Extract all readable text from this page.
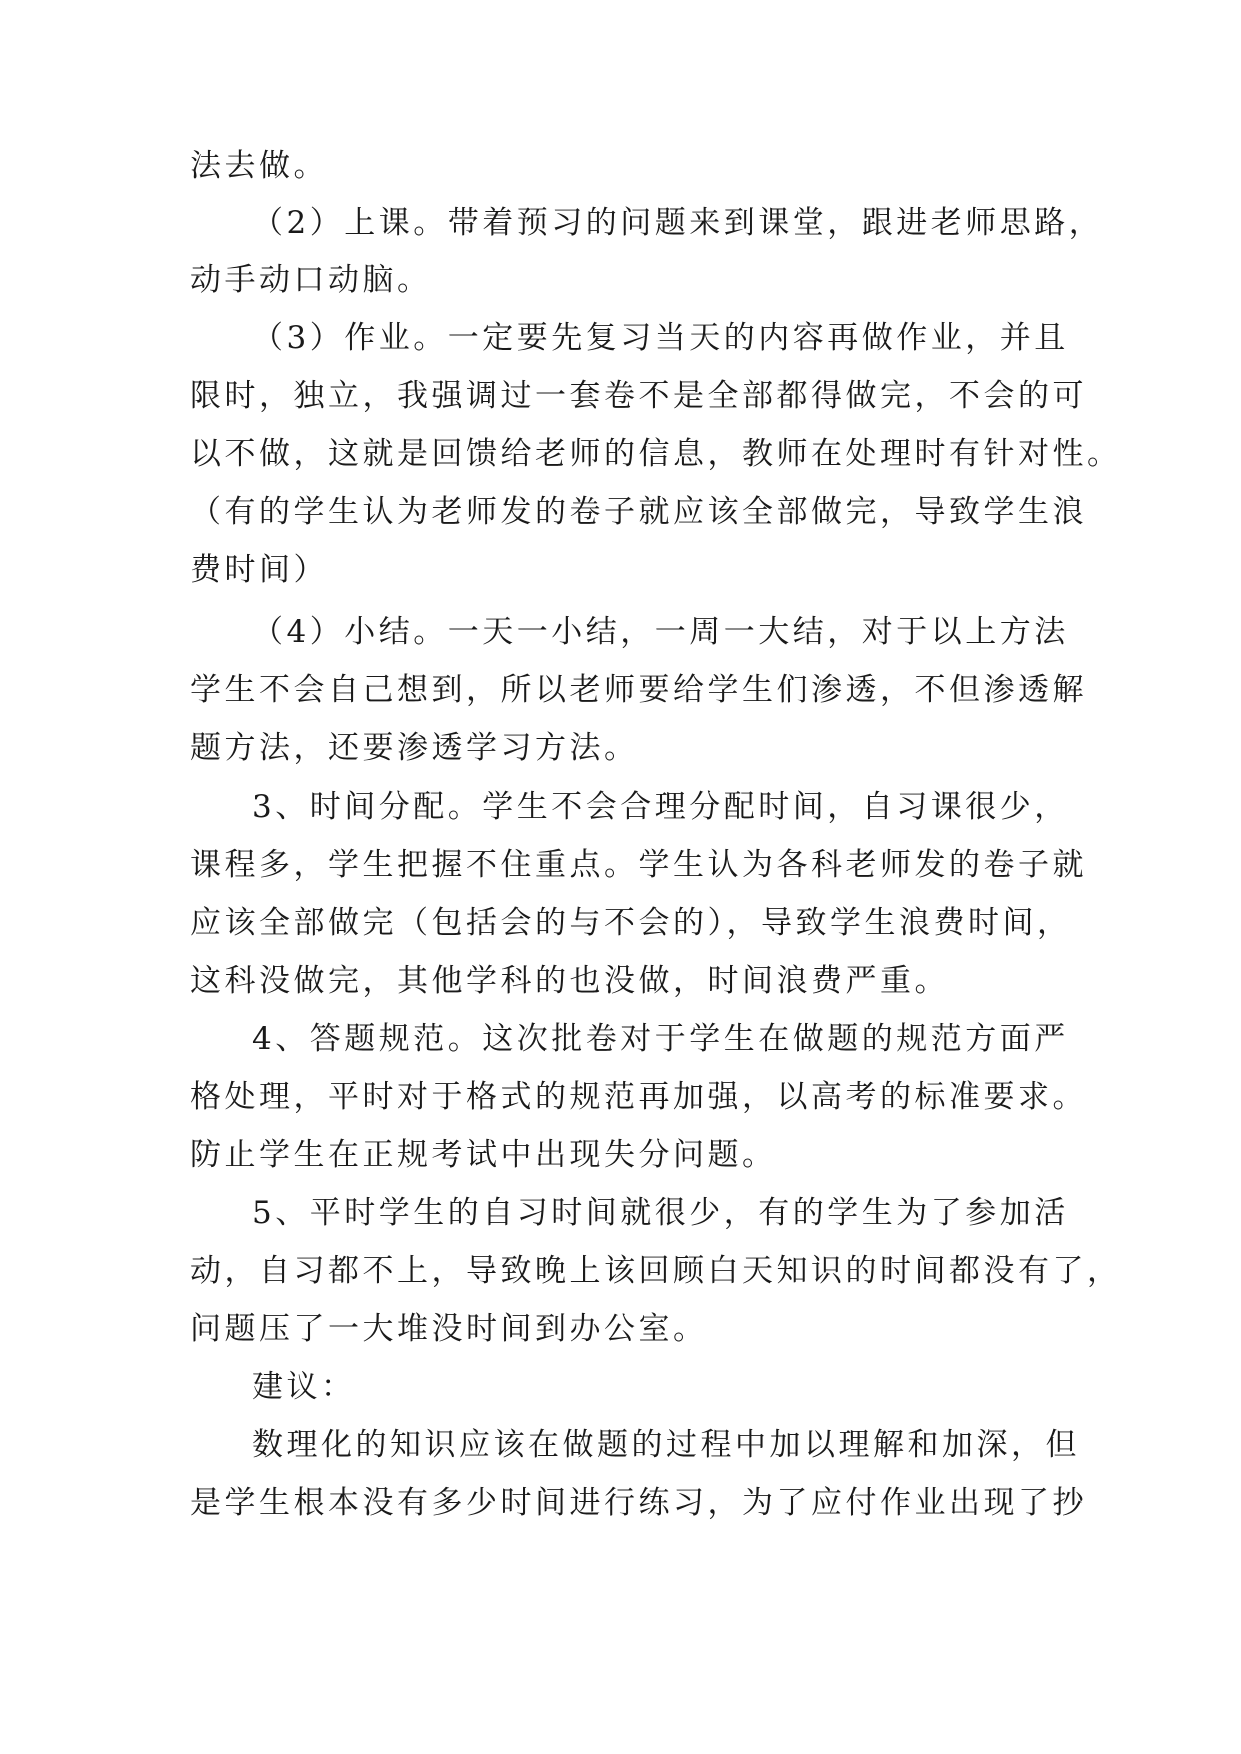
法去做。
（2）上课。带着预习的问题来到课堂，跟进老师思路，
动手动口动脑。
（3）作业。一定要先复习当天的内容再做作业，并且
限时，独立，我强调过一套卷不是全部都得做完，不会的可
以不做，这就是回馈给老师的信息，教师在处理时有针对性。
（有的学生认为老师发的卷子就应该全部做完，导致学生浪
费时间）
（4）小结。一天一小结，一周一大结，对于以上方法
学生不会自己想到，所以老师要给学生们渗透，不但渗透解
题方法，还要渗透学习方法。
3、时间分配。学生不会合理分配时间，自习课很少，
课程多，学生把握不住重点。学生认为各科老师发的卷子就
应该全部做完（包括会的与不会的），导致学生浪费时间，
这科没做完，其他学科的也没做，时间浪费严重。
4、答题规范。这次批卷对于学生在做题的规范方面严
格处理，平时对于格式的规范再加强，以高考的标准要求。
防止学生在正规考试中出现失分问题。
5、平时学生的自习时间就很少，有的学生为了参加活
动，自习都不上，导致晚上该回顾白天知识的时间都没有了，
问题压了一大堆没时间到办公室。
建议：
数理化的知识应该在做题的过程中加以理解和加深，但
是学生根本没有多少时间进行练习，为了应付作业出现了抄
